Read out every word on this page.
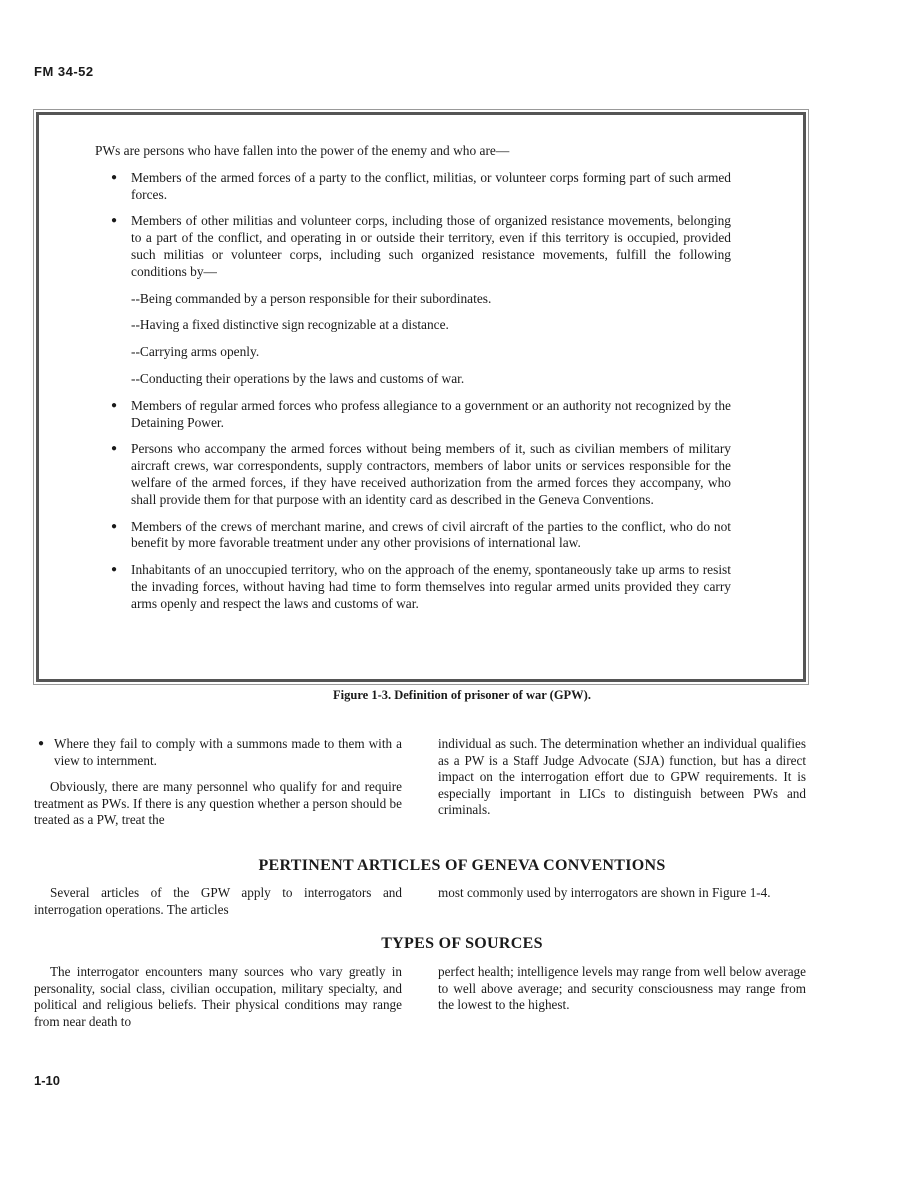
FM 34-52

PWs are persons who have fallen into the power of the enemy and who are—

● Members of the armed forces of a party to the conflict, militias, or volunteer corps forming part of such armed forces.
● Members of other militias and volunteer corps, including those of organized resistance movements, belonging to a part of the conflict, and operating in or outside their territory, even if this territory is occupied, provided such militias or volunteer corps, including such organized resistance movements, fulfill the following conditions by—
--Being commanded by a person responsible for their subordinates.
--Having a fixed distinctive sign recognizable at a distance.
--Carrying arms openly.
--Conducting their operations by the laws and customs of war.
● Members of regular armed forces who profess allegiance to a government or an authority not recognized by the Detaining Power.
● Persons who accompany the armed forces without being members of it, such as civilian members of military aircraft crews, war correspondents, supply contractors, members of labor units or services responsible for the welfare of the armed forces, if they have received authorization from the armed forces they accompany, who shall provide them for that purpose with an identity card as described in the Geneva Conventions.
● Members of the crews of merchant marine, and crews of civil aircraft of the parties to the conflict, who do not benefit by more favorable treatment under any other provisions of international law.
● Inhabitants of an unoccupied territory, who on the approach of the enemy, spontaneously take up arms to resist the invading forces, without having had time to form themselves into regular armed units provided they carry arms openly and respect the laws and customs of war.
Figure 1-3. Definition of prisoner of war (GPW).

● Where they fail to comply with a summons made to them with a view to internment.

Obviously, there are many personnel who qualify for and require treatment as PWs. If there is any question whether a person should be treated as a PW, treat the

individual as such. The determination whether an individual qualifies as a PW is a Staff Judge Advocate (SJA) function, but has a direct impact on the interrogation effort due to GPW requirements. It is especially important in LICs to distinguish between PWs and criminals.

PERTINENT ARTICLES OF GENEVA CONVENTIONS

Several articles of the GPW apply to interrogators and interrogation operations. The articles

most commonly used by interrogators are shown in Figure 1-4.

TYPES OF SOURCES

The interrogator encounters many sources who vary greatly in personality, social class, civilian occupation, military specialty, and political and religious beliefs. Their physical conditions may range from near death to

perfect health; intelligence levels may range from well below average to well above average; and security consciousness may range from the lowest to the highest.

1-10
